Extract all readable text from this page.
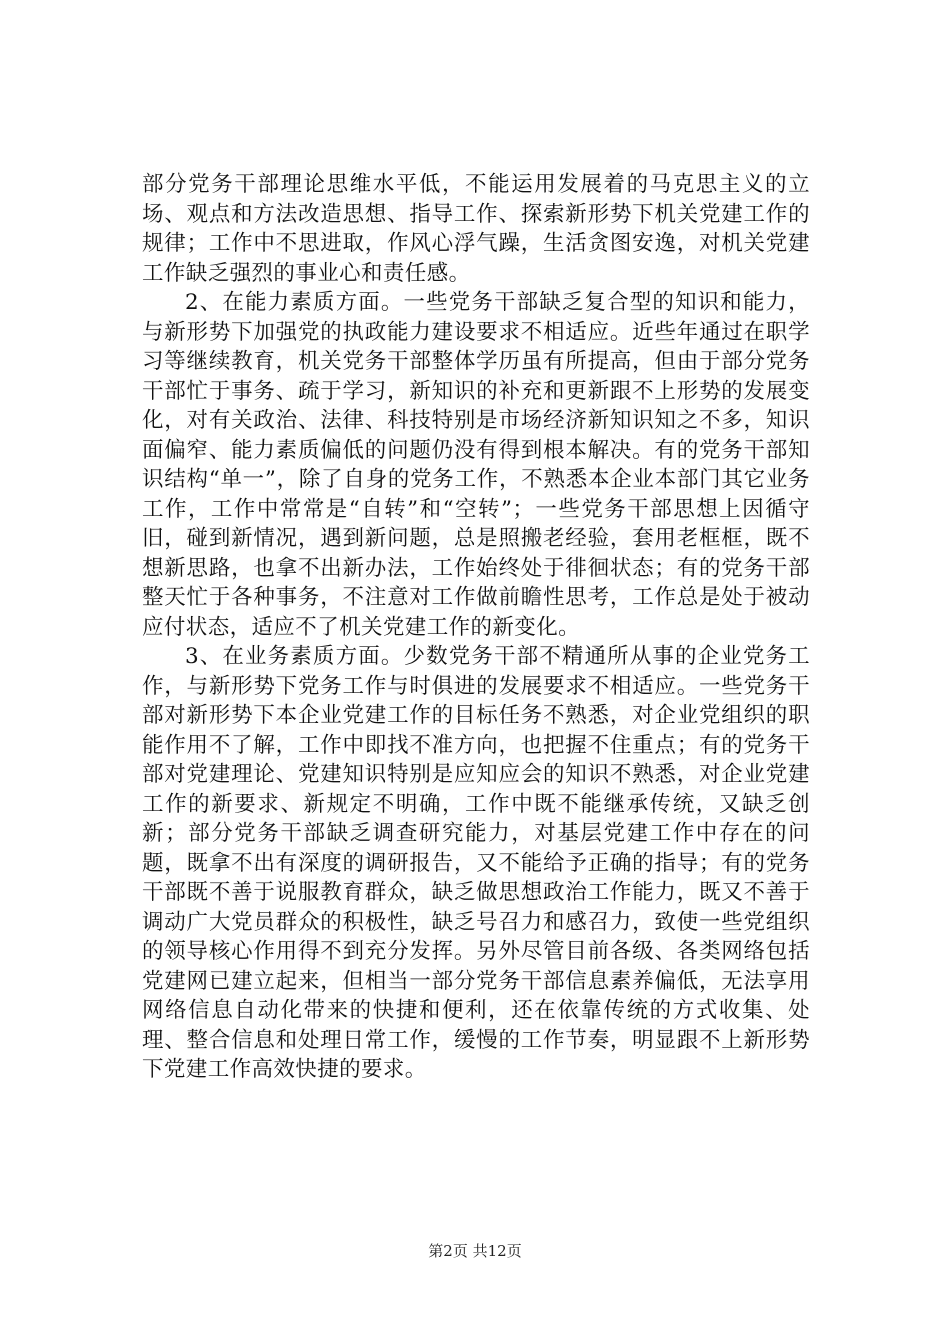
部分党务干部理论思维水平低，不能运用发展着的马克思主义的立场、观点和方法改造思想、指导工作、探索新形势下机关党建工作的规律；工作中不思进取，作风心浮气躁，生活贪图安逸，对机关党建工作缺乏强烈的事业心和责任感。

2、在能力素质方面。一些党务干部缺乏复合型的知识和能力，与新形势下加强党的执政能力建设要求不相适应。近些年通过在职学习等继续教育，机关党务干部整体学历虽有所提高，但由于部分党务干部忙于事务、疏于学习，新知识的补充和更新跟不上形势的发展变化，对有关政治、法律、科技特别是市场经济新知识知之不多，知识面偏窄、能力素质偏低的问题仍没有得到根本解决。有的党务干部知识结构“单一”，除了自身的党务工作，不熟悉本企业本部门其它业务工作，工作中常常是“自转”和“空转”；一些党务干部思想上因循守旧，碰到新情况，遇到新问题，总是照搬老经验，套用老框框，既不想新思路，也拿不出新办法，工作始终处于徘徊状态；有的党务干部整天忙于各种事务，不注意对工作做前瞻性思考，工作总是处于被动应付状态，适应不了机关党建工作的新变化。

3、在业务素质方面。少数党务干部不精通所从事的企业党务工作，与新形势下党务工作与时俱进的发展要求不相适应。一些党务干部对新形势下本企业党建工作的目标任务不熟悉，对企业党组织的职能作用不了解，工作中即找不准方向，也把握不住重点；有的党务干部对党建理论、党建知识特别是应知应会的知识不熟悉，对企业党建工作的新要求、新规定不明确，工作中既不能继承传统，又缺乏创新；部分党务干部缺乏调查研究能力，对基层党建工作中存在的问题，既拿不出有深度的调研报告，又不能给予正确的指导；有的党务干部既不善于说服教育群众，缺乏做思想政治工作能力，既又不善于调动广大党员群众的积极性，缺乏号召力和感召力，致使一些党组织的领导核心作用得不到充分发挥。另外尽管目前各级、各类网络包括党建网已建立起来，但相当一部分党务干部信息素养偏低，无法享用网络信息自动化带来的快捷和便利，还在依靠传统的方式收集、处理、整合信息和处理日常工作，缓慢的工作节奏，明显跟不上新形势下党建工作高效快捷的要求。

第2页 共12页
